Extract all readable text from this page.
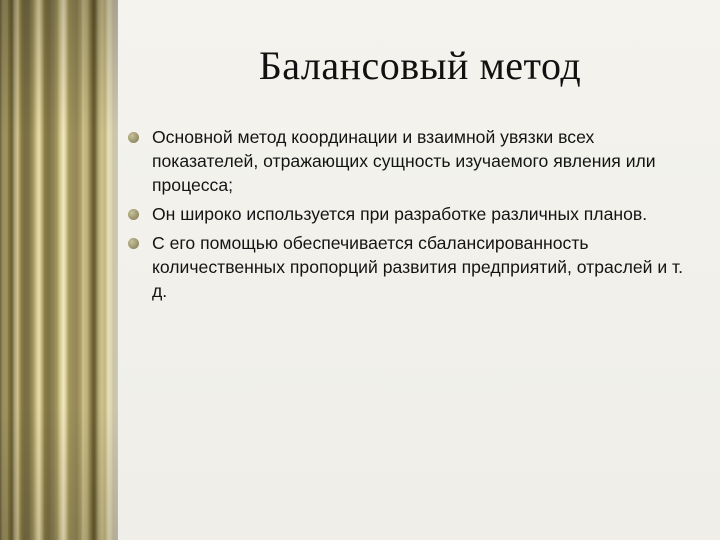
Балансовый метод
Основной метод координации и взаимной увязки всех показателей, отражающих сущность изучаемого явления или процесса;
Он широко используется при разработке различных планов.
С его помощью обеспечивается сбалансированность количественных пропорций развития предприятий, отраслей и т. д.
